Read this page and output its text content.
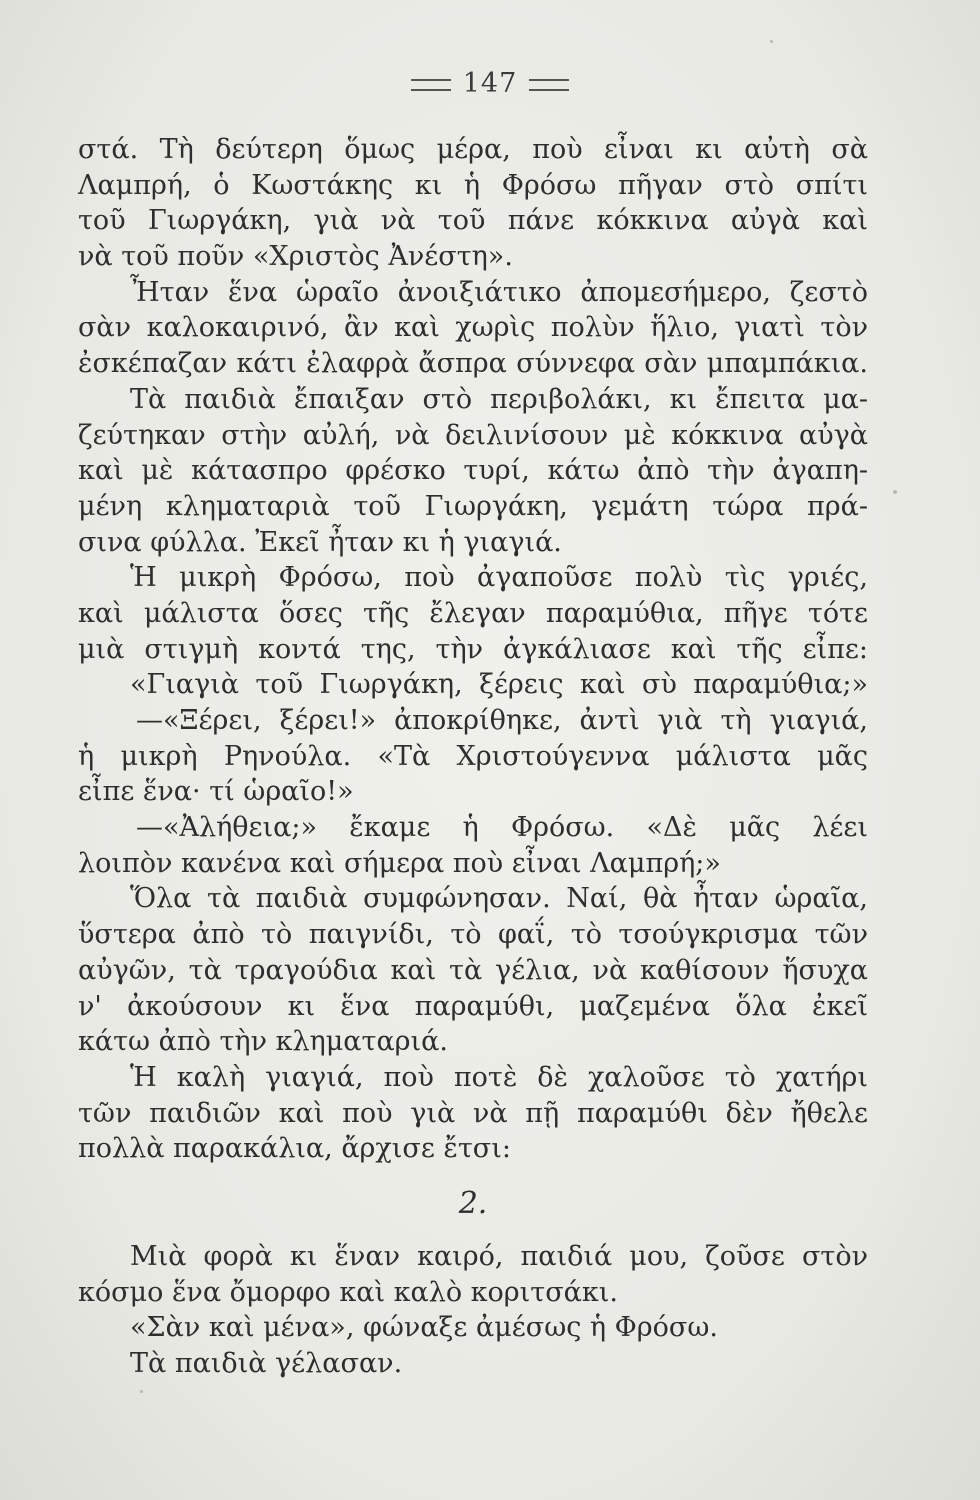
147
στά. Τὴ δεύτερη ὅμως μέρα, ποὺ εἶναι κι αὐτὴ σὰ
Λαμπρή, ὁ Κωστάκης κι ἡ Φρόσω πῆγαν στὸ σπίτι
τοῦ Γιωργάκη, γιὰ νὰ τοῦ πάνε κόκκινα αὐγὰ καὶ
νὰ τοῦ ποῦν «Χριστὸς Ἀνέστη».
Ἦταν ἕνα ὡραῖο ἀνοιξιάτικο ἀπομεσήμερο, ζεστὸ
σὰν καλοκαιρινό, ἂν καὶ χωρὶς πολὺν ἥλιο, γιατὶ τὸν
ἐσκέπαζαν κάτι ἐλαφρὰ ἄσπρα σύννεφα σὰν μπαμπάκια.
Τὰ παιδιὰ ἔπαιξαν στὸ περιβολάκι, κι ἔπειτα μα-
ζεύτηκαν στὴν αὐλή, νὰ δειλινίσουν μὲ κόκκινα αὐγὰ
καὶ μὲ κάτασπρο φρέσκο τυρί, κάτω ἀπὸ τὴν ἀγαπη-
μένη κληματαριὰ τοῦ Γιωργάκη, γεμάτη τώρα πρά-
σινα φύλλα. Ἐκεῖ ἦταν κι ἡ γιαγιά.
Ἡ μικρὴ Φρόσω, ποὺ ἀγαποῦσε πολὺ τὶς γριές,
καὶ μάλιστα ὅσες τῆς ἔλεγαν παραμύθια, πῆγε τότε
μιὰ στιγμὴ κοντά της, τὴν ἀγκάλιασε καὶ τῆς εἶπε:
«Γιαγιὰ τοῦ Γιωργάκη, ξέρεις καὶ σὺ παραμύθια;»
—«Ξέρει, ξέρει!» ἀποκρίθηκε, ἀντὶ γιὰ τὴ γιαγιά,
ἡ μικρὴ Ρηνούλα. «Τὰ Χριστούγεννα μάλιστα μᾶς
εἶπε ἕνα· τί ὡραῖο!»
—«Ἀλήθεια;» ἔκαμε ἡ Φρόσω. «Δὲ μᾶς λέει
λοιπὸν κανένα καὶ σήμερα ποὺ εἶναι Λαμπρή;»
Ὅλα τὰ παιδιὰ συμφώνησαν. Ναί, θὰ ἦταν ὡραῖα,
ὕστερα ἀπὸ τὸ παιγνίδι, τὸ φαΐ, τὸ τσούγκρισμα τῶν
αὐγῶν, τὰ τραγούδια καὶ τὰ γέλια, νὰ καθίσουν ἥσυχα
ν' ἀκούσουν κι ἕνα παραμύθι, μαζεμένα ὅλα ἐκεῖ
κάτω ἀπὸ τὴν κληματαριά.
Ἡ καλὴ γιαγιά, ποὺ ποτὲ δὲ χαλοῦσε τὸ χατήρι
τῶν παιδιῶν καὶ ποὺ γιὰ νὰ πῇ παραμύθι δὲν ἤθελε
πολλὰ παρακάλια, ἄρχισε ἔτσι:
2.
Μιὰ φορὰ κι ἕναν καιρό, παιδιά μου, ζοῦσε στὸν
κόσμο ἕνα ὄμορφο καὶ καλὸ κοριτσάκι.
«Σὰν καὶ μένα», φώναξε ἀμέσως ἡ Φρόσω.
Τὰ παιδιὰ γέλασαν.
